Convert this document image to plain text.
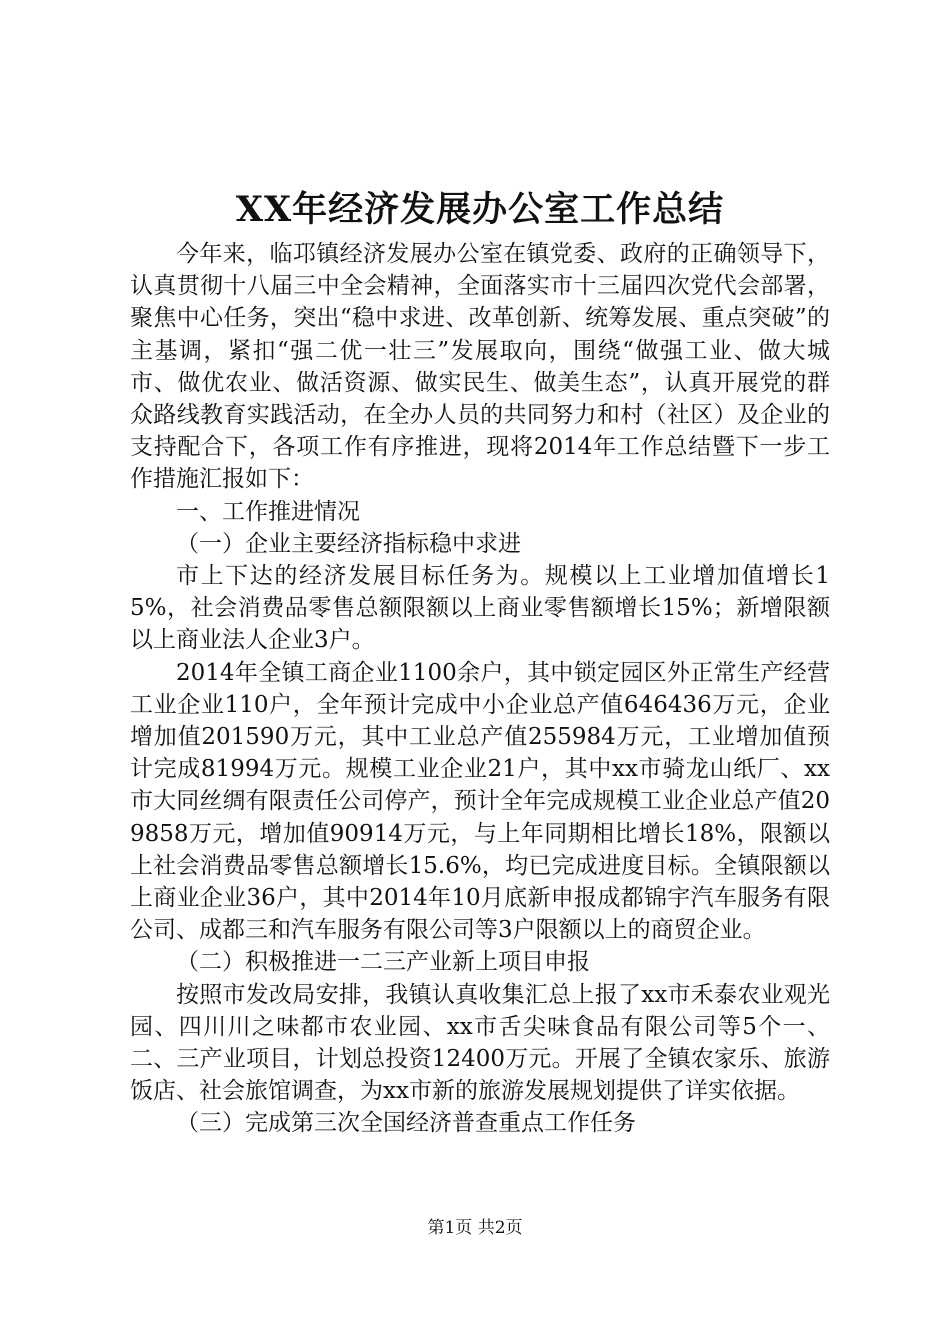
XX年经济发展办公室工作总结

今年来，临邛镇经济发展办公室在镇党委、政府的正确领导下，认真贯彻十八届三中全会精神，全面落实市十三届四次党代会部署，聚焦中心任务，突出“稳中求进、改革创新、统筹发展、重点突破”的主基调，紧扣“强二优一壮三”发展取向，围绕“做强工业、做大城市、做优农业、做活资源、做实民生、做美生态”，认真开展党的群众路线教育实践活动，在全办人员的共同努力和村（社区）及企业的支持配合下，各项工作有序推进，现将2014年工作总结暨下一步工作措施汇报如下：

一、工作推进情况

（一）企业主要经济指标稳中求进

市上下达的经济发展目标任务为。规模以上工业增加值增长15%，社会消费品零售总额限额以上商业零售额增长15%；新增限额以上商业法人企业3户。

2014年全镇工商企业1100余户，其中锁定园区外正常生产经营工业企业110户，全年预计完成中小企业总产值646436万元，企业增加值201590万元，其中工业总产值255984万元，工业增加值预计完成81994万元。规模工业企业21户，其中xx市骑龙山纸厂、xx市大同丝绸有限责任公司停产，预计全年完成规模工业企业总产值209858万元，增加值90914万元，与上年同期相比增长18%，限额以上社会消费品零售总额增长15.6%，均已完成进度目标。全镇限额以上商业企业36户，其中2014年10月底新申报成都锦宇汽车服务有限公司、成都三和汽车服务有限公司等3户限额以上的商贸企业。

（二）积极推进一二三产业新上项目申报

按照市发改局安排，我镇认真收集汇总上报了xx市禾泰农业观光园、四川川之味都市农业园、xx市舌尖味食品有限公司等5个一、二、三产业项目，计划总投资12400万元。开展了全镇农家乐、旅游饭店、社会旅馆调查，为xx市新的旅游发展规划提供了详实依据。

（三）完成第三次全国经济普查重点工作任务

第1页 共2页
